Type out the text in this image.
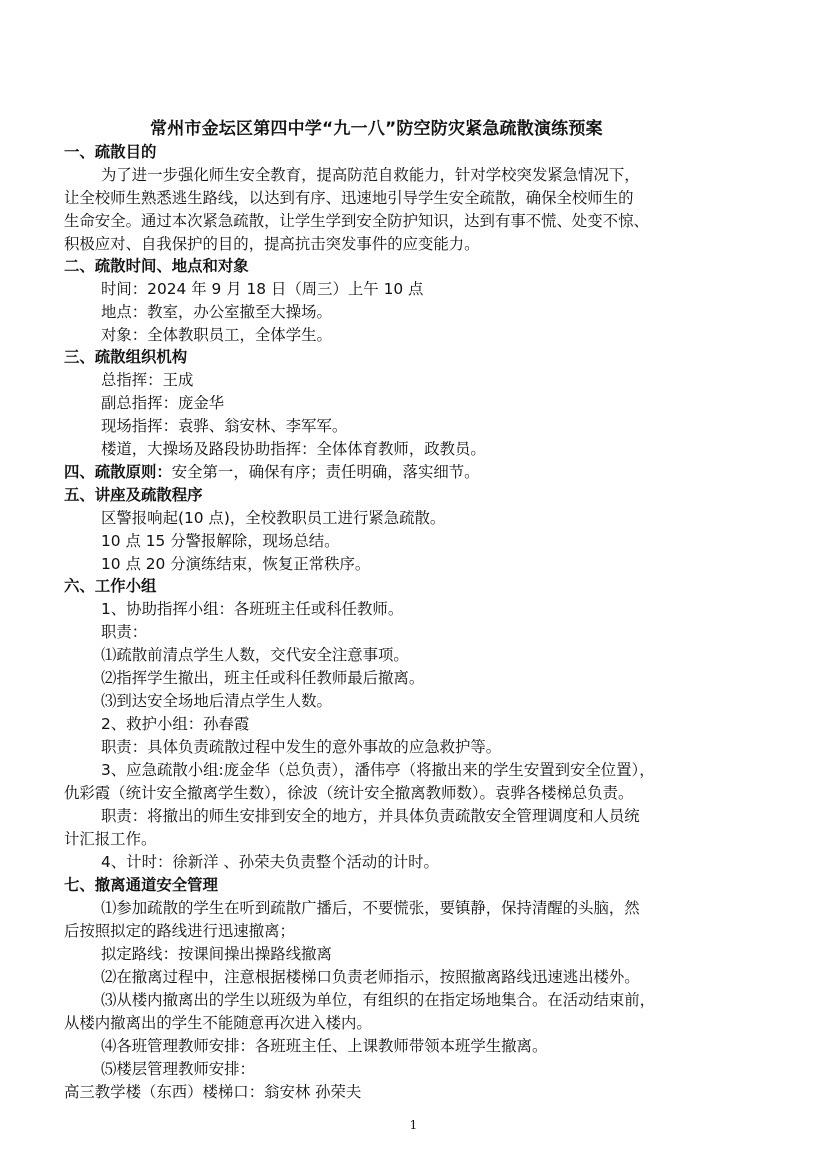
常州市金坛区第四中学“九一八”防空防灾紧急疏散演练预案
一、疏散目的
为了进一步强化师生安全教育，提高防范自救能力，针对学校突发紧急情况下，
让全校师生熟悉逃生路线，以达到有序、迅速地引导学生安全疏散，确保全校师生的
生命安全。通过本次紧急疏散，让学生学到安全防护知识，达到有事不慌、处变不惊、
积极应对、自我保护的目的，提高抗击突发事件的应变能力。
二、疏散时间、地点和对象
时间：2024 年 9 月 18 日（周三）上午 10 点
地点：教室，办公室撤至大操场。
对象：全体教职员工，全体学生。
三、疏散组织机构
总指挥：王成
副总指挥：庞金华
现场指挥：袁骅、翁安林、李军军。
楼道，大操场及路段协助指挥：全体体育教师，政教员。
四、疏散原则：安全第一，确保有序；责任明确，落实细节。
五、讲座及疏散程序
区警报响起(10 点)，全校教职员工进行紧急疏散。
10 点 15 分警报解除，现场总结。
10 点 20 分演练结束，恢复正常秩序。
六、工作小组
1、协助指挥小组：各班班主任或科任教师。
职责：
⑴疏散前清点学生人数，交代安全注意事项。
⑵指挥学生撤出，班主任或科任教师最后撤离。
⑶到达安全场地后清点学生人数。
2、救护小组：孙春霞
职责：具体负责疏散过程中发生的意外事故的应急救护等。
3、应急疏散小组:庞金华（总负责），潘伟亭（将撤出来的学生安置到安全位置），
仇彩霞（统计安全撤离学生数），徐波（统计安全撤离教师数）。袁骅各楼梯总负责。
职责：将撤出的师生安排到安全的地方，并具体负责疏散安全管理调度和人员统
计汇报工作。
4、计时：徐新洋 、孙荣夫负责整个活动的计时。
七、撤离通道安全管理
⑴参加疏散的学生在听到疏散广播后，不要慌张，要镇静，保持清醒的头脑，然
后按照拟定的路线进行迅速撤离；
拟定路线：按课间操出操路线撤离
⑵在撤离过程中，注意根据楼梯口负责老师指示，按照撤离路线迅速逃出楼外。
⑶从楼内撤离出的学生以班级为单位，有组织的在指定场地集合。在活动结束前，
从楼内撤离出的学生不能随意再次进入楼内。
⑷各班管理教师安排：各班班主任、上课教师带领本班学生撤离。
⑸楼层管理教师安排：
高三教学楼（东西）楼梯口：翁安林 孙荣夫
1
